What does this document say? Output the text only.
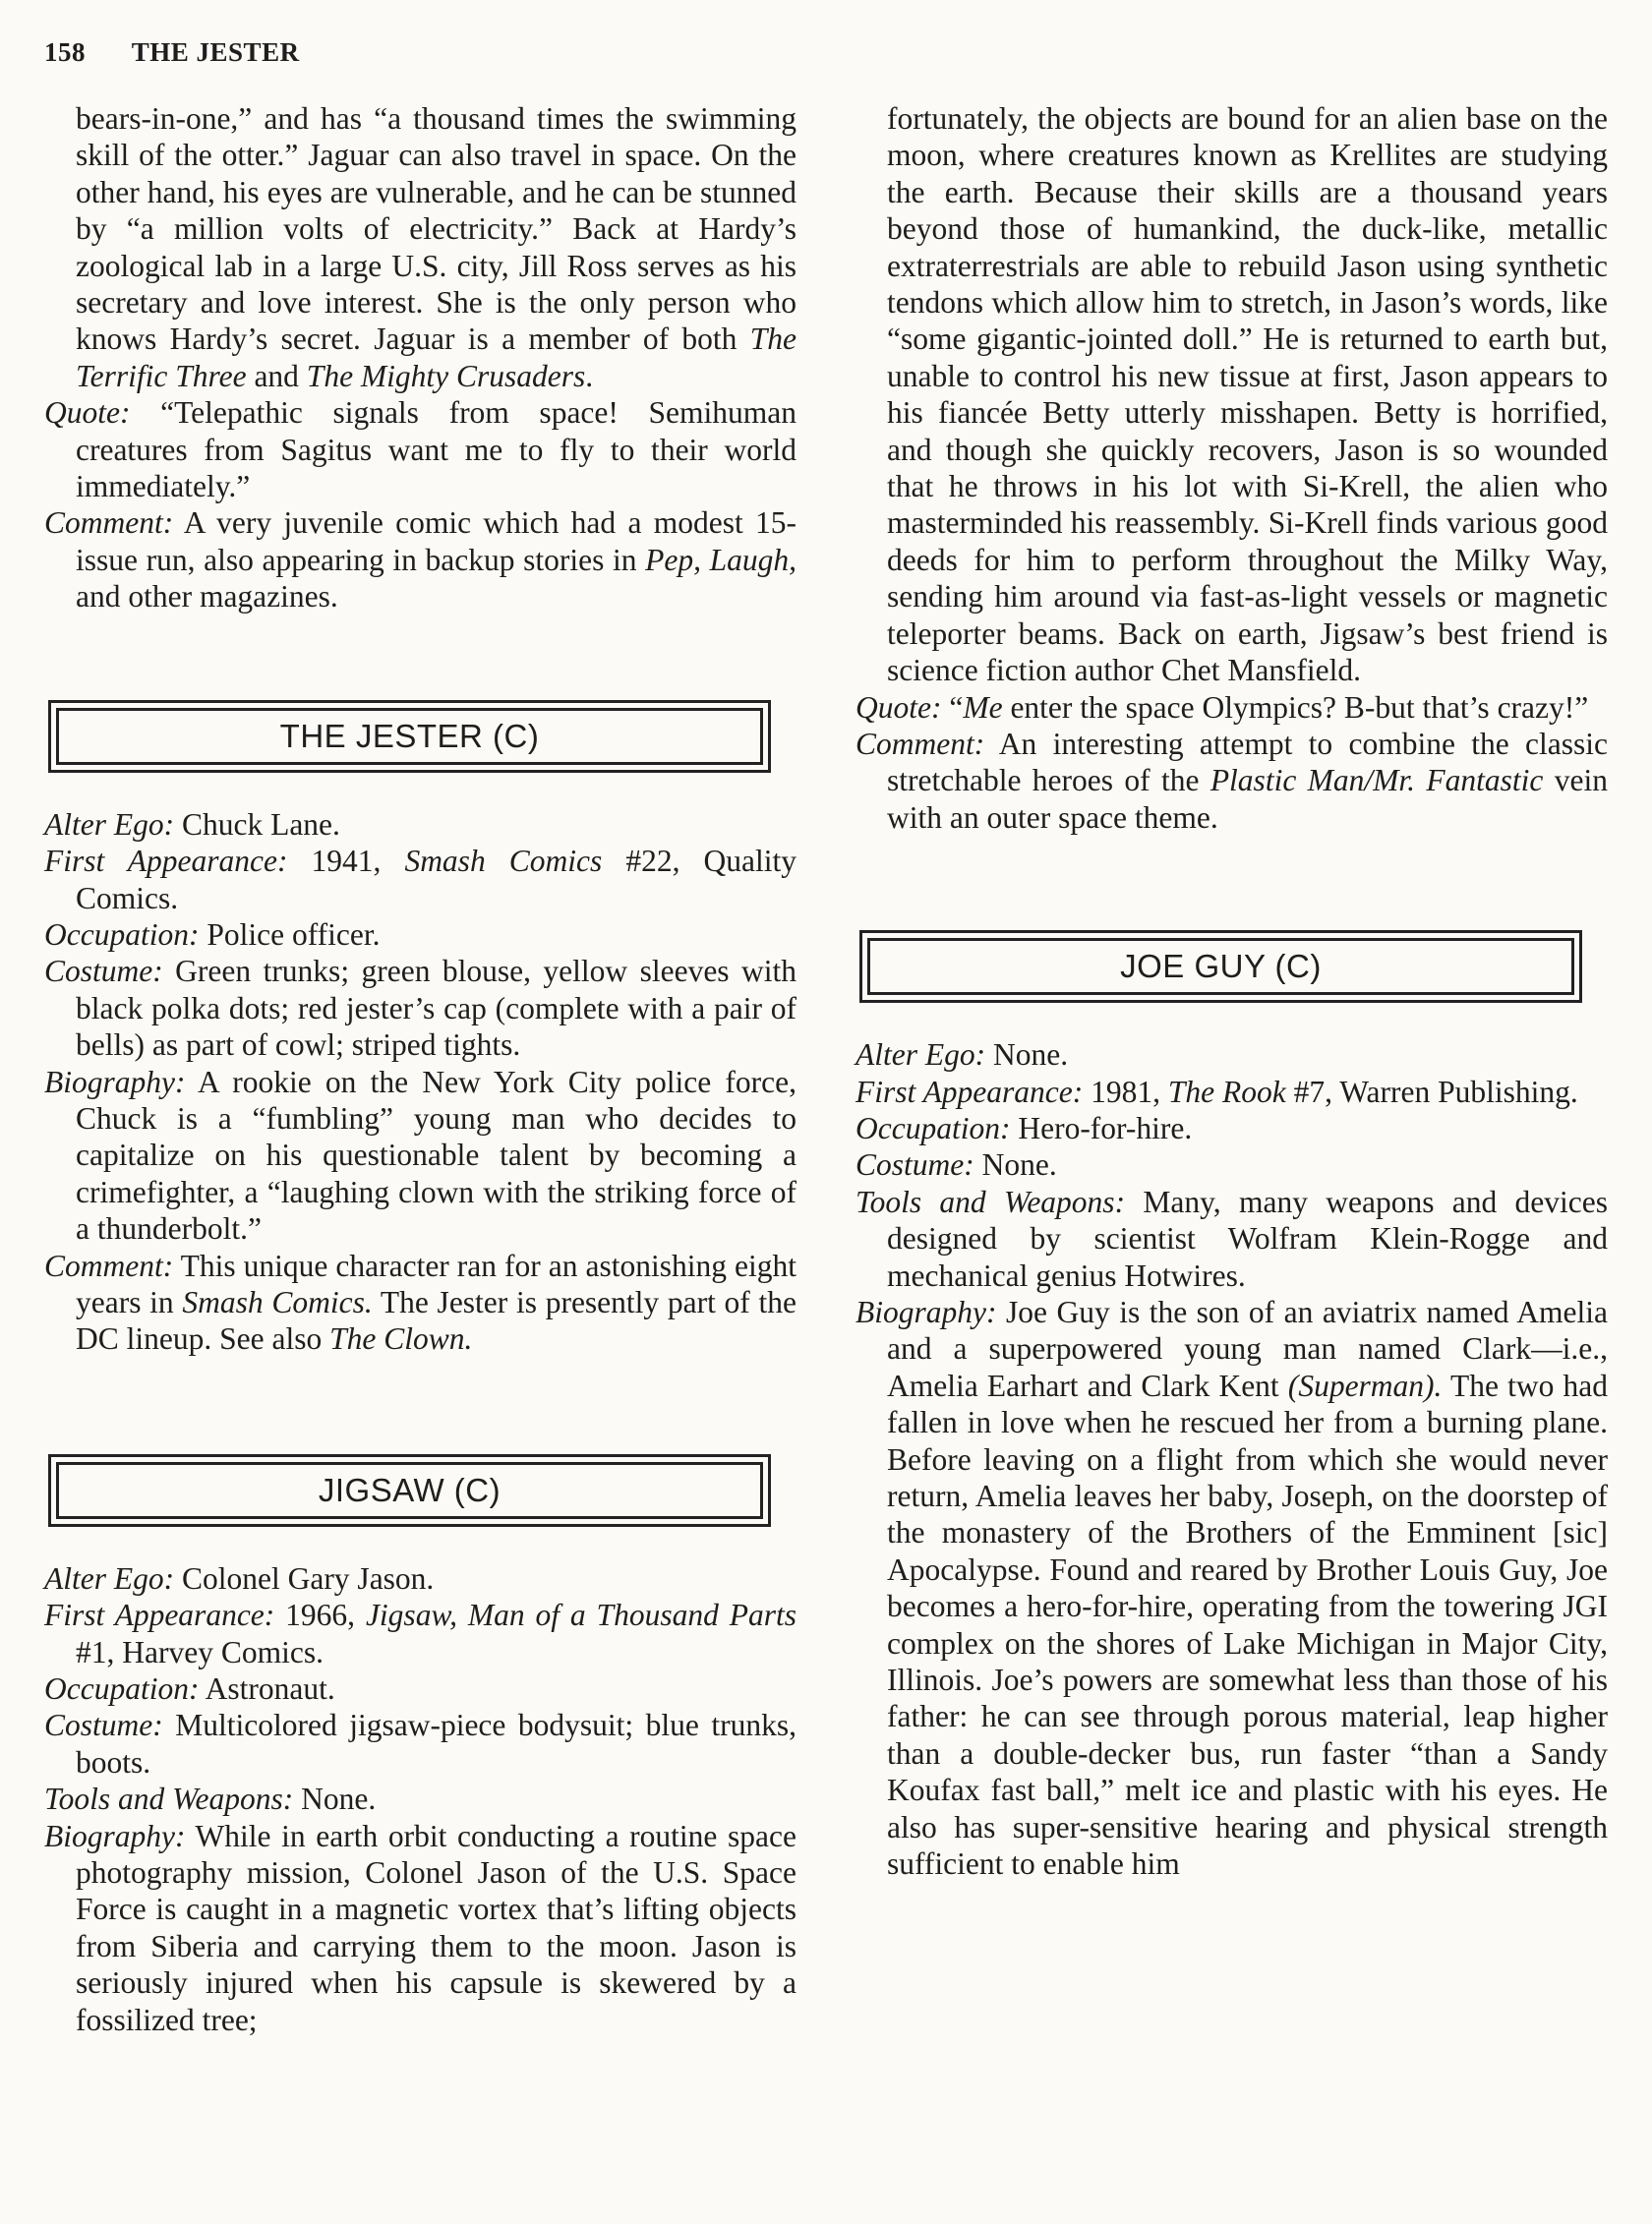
158 THE JESTER

bears-in-one,” and has “a thousand times the swimming skill of the otter.” Jaguar can also travel in space. On the other hand, his eyes are vulnerable, and he can be stunned by “a million volts of electricity.” Back at Hardy’s zoological lab in a large U.S. city, Jill Ross serves as his secretary and love interest. She is the only person who knows Hardy’s secret. Jaguar is a member of both The Terrific Three and The Mighty Crusaders.

Quote: “Telepathic signals from space! Semihuman creatures from Sagitus want me to fly to their world immediately.”

Comment: A very juvenile comic which had a modest 15-issue run, also appearing in backup stories in Pep, Laugh, and other magazines.

THE JESTER (C)

Alter Ego: Chuck Lane.

First Appearance: 1941, Smash Comics #22, Quality Comics.

Occupation: Police officer.

Costume: Green trunks; green blouse, yellow sleeves with black polka dots; red jester’s cap (complete with a pair of bells) as part of cowl; striped tights.

Biography: A rookie on the New York City police force, Chuck is a “fumbling” young man who decides to capitalize on his questionable talent by becoming a crimefighter, a “laughing clown with the striking force of a thunderbolt.”

Comment: This unique character ran for an astonishing eight years in Smash Comics. The Jester is presently part of the DC lineup. See also The Clown.

JIGSAW (C)

Alter Ego: Colonel Gary Jason.

First Appearance: 1966, Jigsaw, Man of a Thousand Parts #1, Harvey Comics.

Occupation: Astronaut.

Costume: Multicolored jigsaw-piece bodysuit; blue trunks, boots.

Tools and Weapons: None.

Biography: While in earth orbit conducting a routine space photography mission, Colonel Jason of the U.S. Space Force is caught in a magnetic vortex that’s lifting objects from Siberia and carrying them to the moon. Jason is seriously injured when his capsule is skewered by a fossilized tree;

fortunately, the objects are bound for an alien base on the moon, where creatures known as Krellites are studying the earth. Because their skills are a thousand years beyond those of humankind, the duck-like, metallic extraterrestrials are able to rebuild Jason using synthetic tendons which allow him to stretch, in Jason’s words, like “some gigantic-jointed doll.” He is returned to earth but, unable to control his new tissue at first, Jason appears to his fiancée Betty utterly misshapen. Betty is horrified, and though she quickly recovers, Jason is so wounded that he throws in his lot with Si-Krell, the alien who masterminded his reassembly. Si-Krell finds various good deeds for him to perform throughout the Milky Way, sending him around via fast-as-light vessels or magnetic teleporter beams. Back on earth, Jigsaw’s best friend is science fiction author Chet Mansfield.

Quote: “Me enter the space Olympics? B-but that’s crazy!”

Comment: An interesting attempt to combine the classic stretchable heroes of the Plastic Man/Mr. Fantastic vein with an outer space theme.

JOE GUY (C)

Alter Ego: None.

First Appearance: 1981, The Rook #7, Warren Publishing.

Occupation: Hero-for-hire.

Costume: None.

Tools and Weapons: Many, many weapons and devices designed by scientist Wolfram Klein-Rogge and mechanical genius Hotwires.

Biography: Joe Guy is the son of an aviatrix named Amelia and a superpowered young man named Clark—i.e., Amelia Earhart and Clark Kent (Superman). The two had fallen in love when he rescued her from a burning plane. Before leaving on a flight from which she would never return, Amelia leaves her baby, Joseph, on the doorstep of the monastery of the Brothers of the Emminent [sic] Apocalypse. Found and reared by Brother Louis Guy, Joe becomes a hero-for-hire, operating from the towering JGI complex on the shores of Lake Michigan in Major City, Illinois. Joe’s powers are somewhat less than those of his father: he can see through porous material, leap higher than a double-decker bus, run faster “than a Sandy Koufax fast ball,” melt ice and plastic with his eyes. He also has super-sensitive hearing and physical strength sufficient to enable him
